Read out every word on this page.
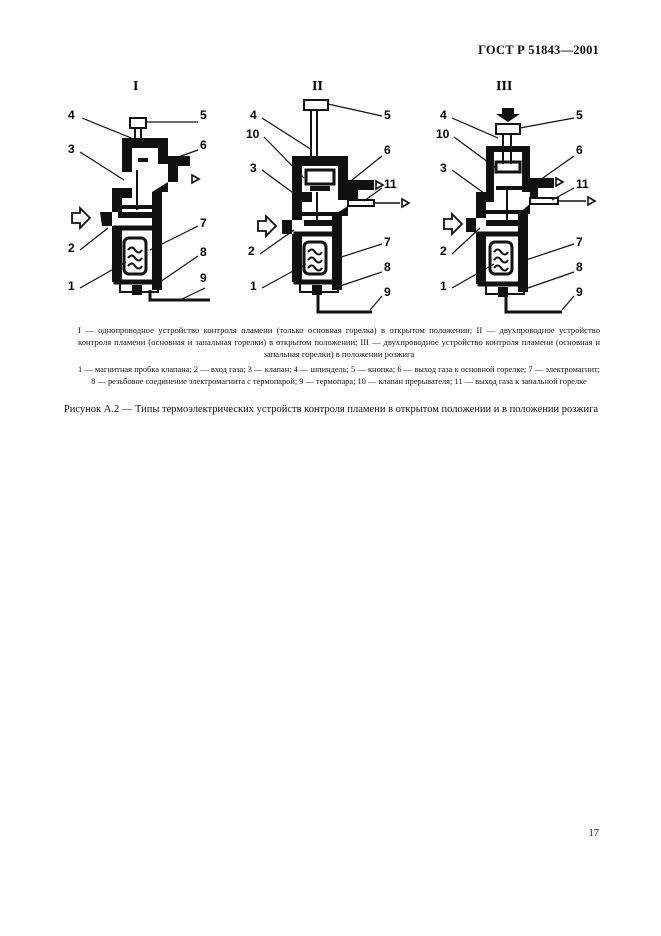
ГОСТ Р 51843—2001
I	II	III
4	5
3	6
2
7
1
8
9
4	5
10
3
6
11
2
7
1
8
9
4	5
10
3
6
11
2
7
1
8
9
I — однопроводное устройство контроля пламени (только основная горелка) в открытом положении; II — двухпроводное устройство контроля пламени (основная и запальная горелки) в открытом положении; III — двухпроводное устройство контроля пламени (основная и запальная горелки) в положении розжига
1 — магнитная пробка клапана; 2 — вход газа; 3 — клапан; 4 — шпиндель; 5 — кнопка; 6 — выход газа к основной горелке; 7 — электромагнит; 8 — резьбовое соединение электромагнита с термопарой; 9 — термопара; 10 — клапан прерывателя; 11 — выход газа к запальной горелке
Рисунок А.2 — Типы термоэлектрических устройств контроля пламени в открытом положении и в положении розжига
17
